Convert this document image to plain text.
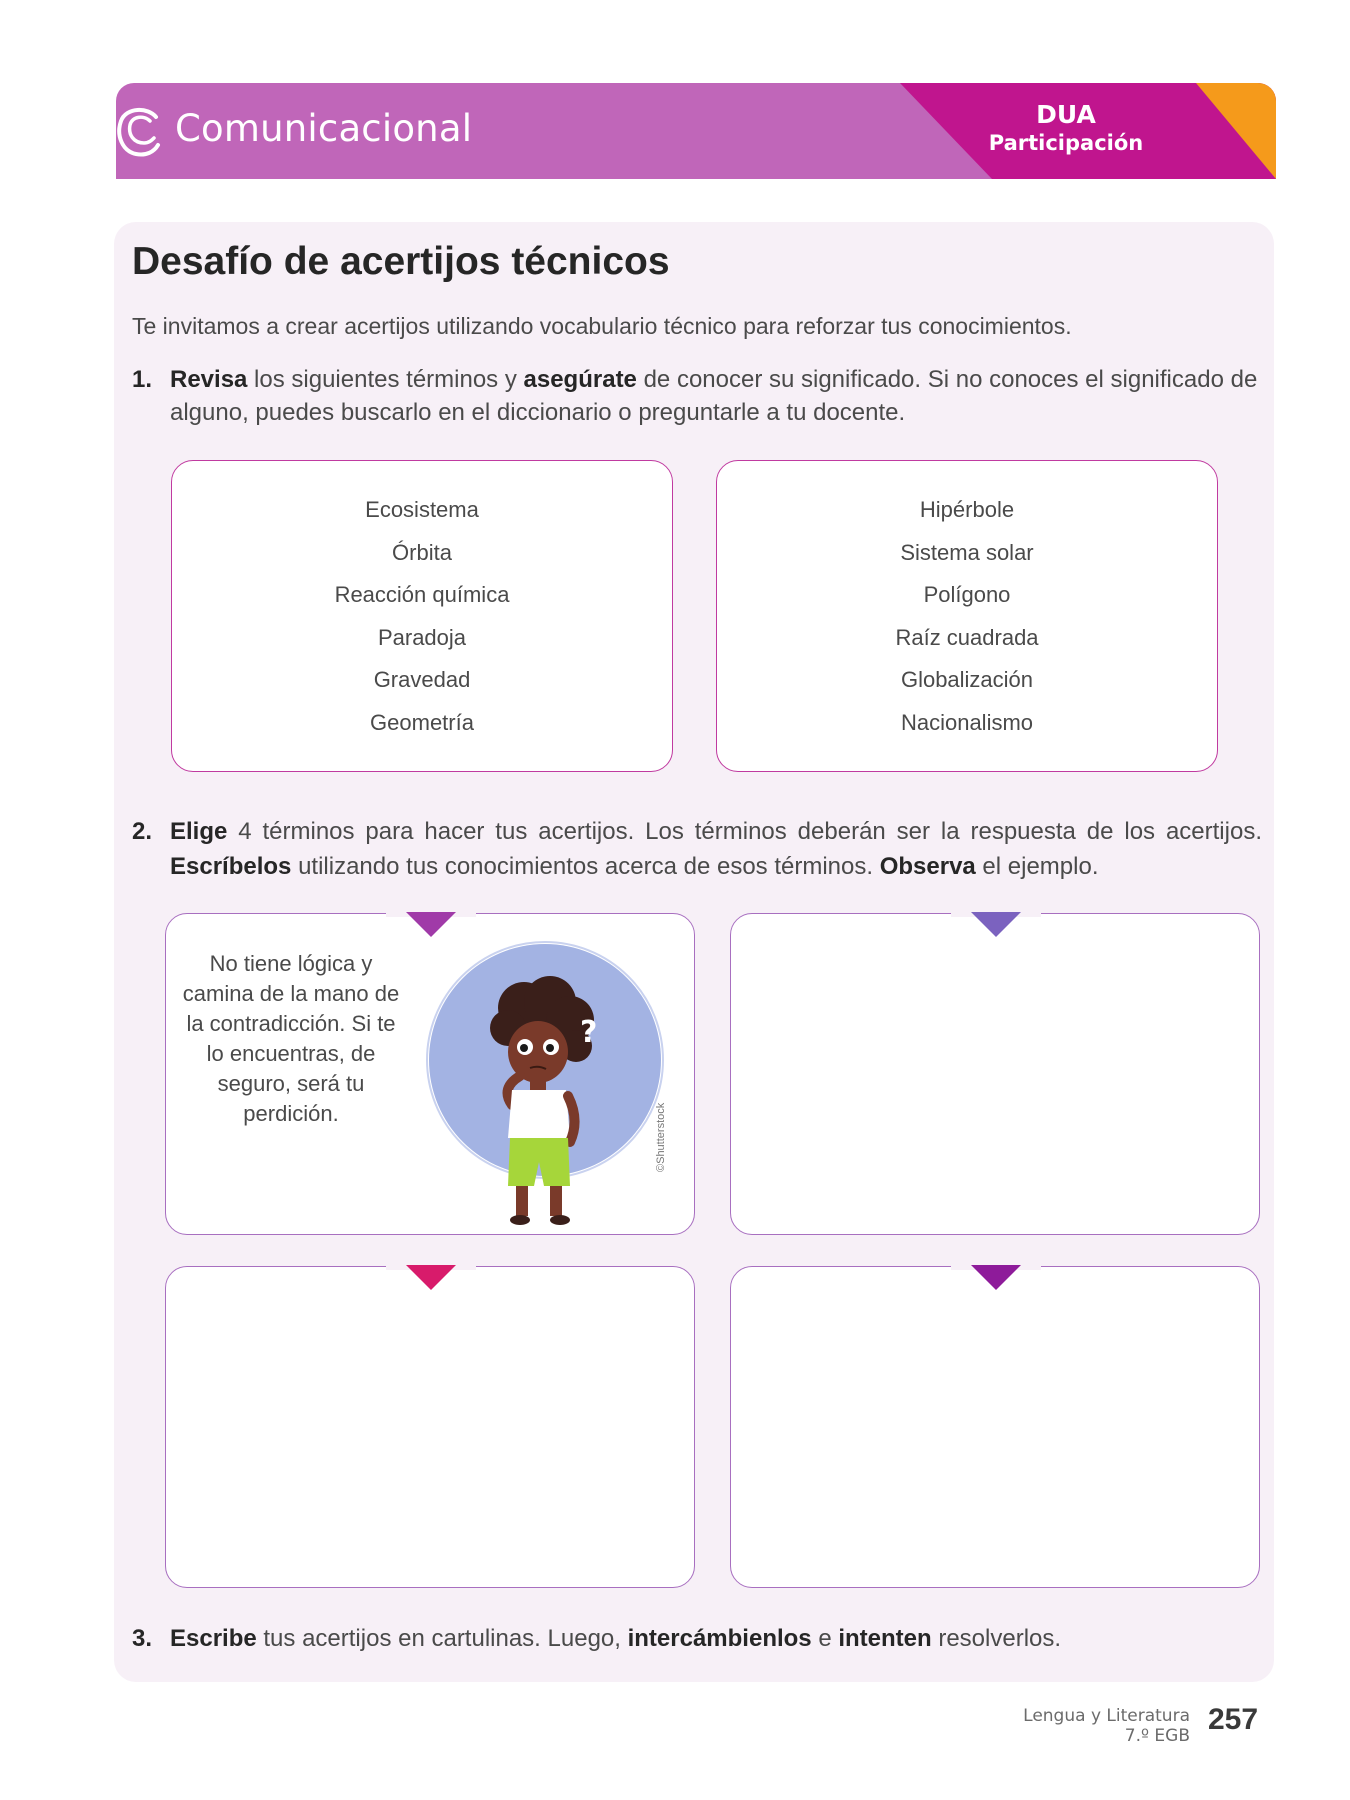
Comunicacional	DUA
Participación
Desafío de acertijos técnicos
Te invitamos a crear acertijos utilizando vocabulario técnico para reforzar tus conocimientos.
1. Revisa los siguientes términos y asegúrate de conocer su significado. Si no conoces el significado de alguno, puedes buscarlo en el diccionario o preguntarle a tu docente.
Ecosistema
Órbita
Reacción química
Paradoja
Gravedad
Geometría
Hipérbole
Sistema solar
Polígono
Raíz cuadrada
Globalización
Nacionalismo
2. Elige 4 términos para hacer tus acertijos. Los términos deberán ser la respuesta de los acertijos. Escríbelos utilizando tus conocimientos acerca de esos términos. Observa el ejemplo.
No tiene lógica y camina de la mano de la contradicción. Si te lo encuentras, de seguro, será tu perdición.
?
©Shutterstock
3. Escribe tus acertijos en cartulinas. Luego, intercámbienlos e intenten resolverlos.
Lengua y Literatura
7.º EGB 257
